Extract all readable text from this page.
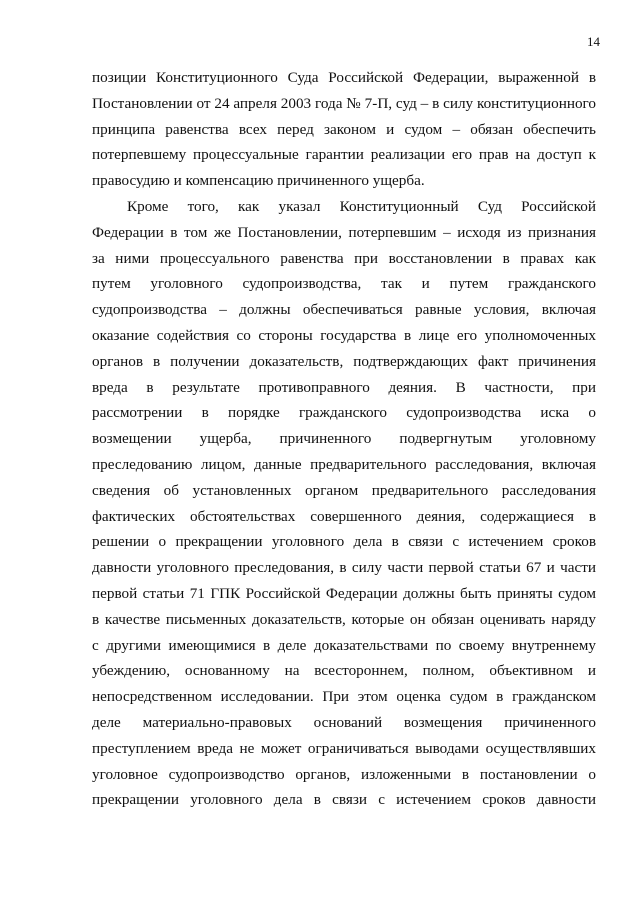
14

позиции Конституционного Суда Российской Федерации, выраженной в

Постановлении от 24 апреля 2003 года № 7-П, суд – в силу конституционного

принципа равенства всех перед законом и судом – обязан обеспечить

потерпевшему процессуальные гарантии реализации его прав на доступ к

правосудию и компенсацию причиненного ущерба.

Кроме того, как указал Конституционный Суд Российской

Федерации в том же Постановлении, потерпевшим – исходя из признания

за ними процессуального равенства при восстановлении в правах как

путем уголовного судопроизводства, так и путем гражданского

судопроизводства – должны обеспечиваться равные условия, включая

оказание содействия со стороны государства в лице его уполномоченных

органов в получении доказательств, подтверждающих факт причинения

вреда в результате противоправного деяния. В частности, при

рассмотрении в порядке гражданского судопроизводства иска о

возмещении ущерба, причиненного подвергнутым уголовному

преследованию лицом, данные предварительного расследования, включая

сведения об установленных органом предварительного расследования

фактических обстоятельствах совершенного деяния, содержащиеся в

решении о прекращении уголовного дела в связи с истечением сроков

давности уголовного преследования, в силу части первой статьи 67 и части

первой статьи 71 ГПК Российской Федерации должны быть приняты судом

в качестве письменных доказательств, которые он обязан оценивать наряду

с другими имеющимися в деле доказательствами по своему внутреннему

убеждению, основанному на всестороннем, полном, объективном и

непосредственном исследовании. При этом оценка судом в гражданском

деле материально-правовых оснований возмещения причиненного

преступлением вреда не может ограничиваться выводами осуществлявших

уголовное судопроизводство органов, изложенными в постановлении о

прекращении уголовного дела в связи с истечением сроков давности
